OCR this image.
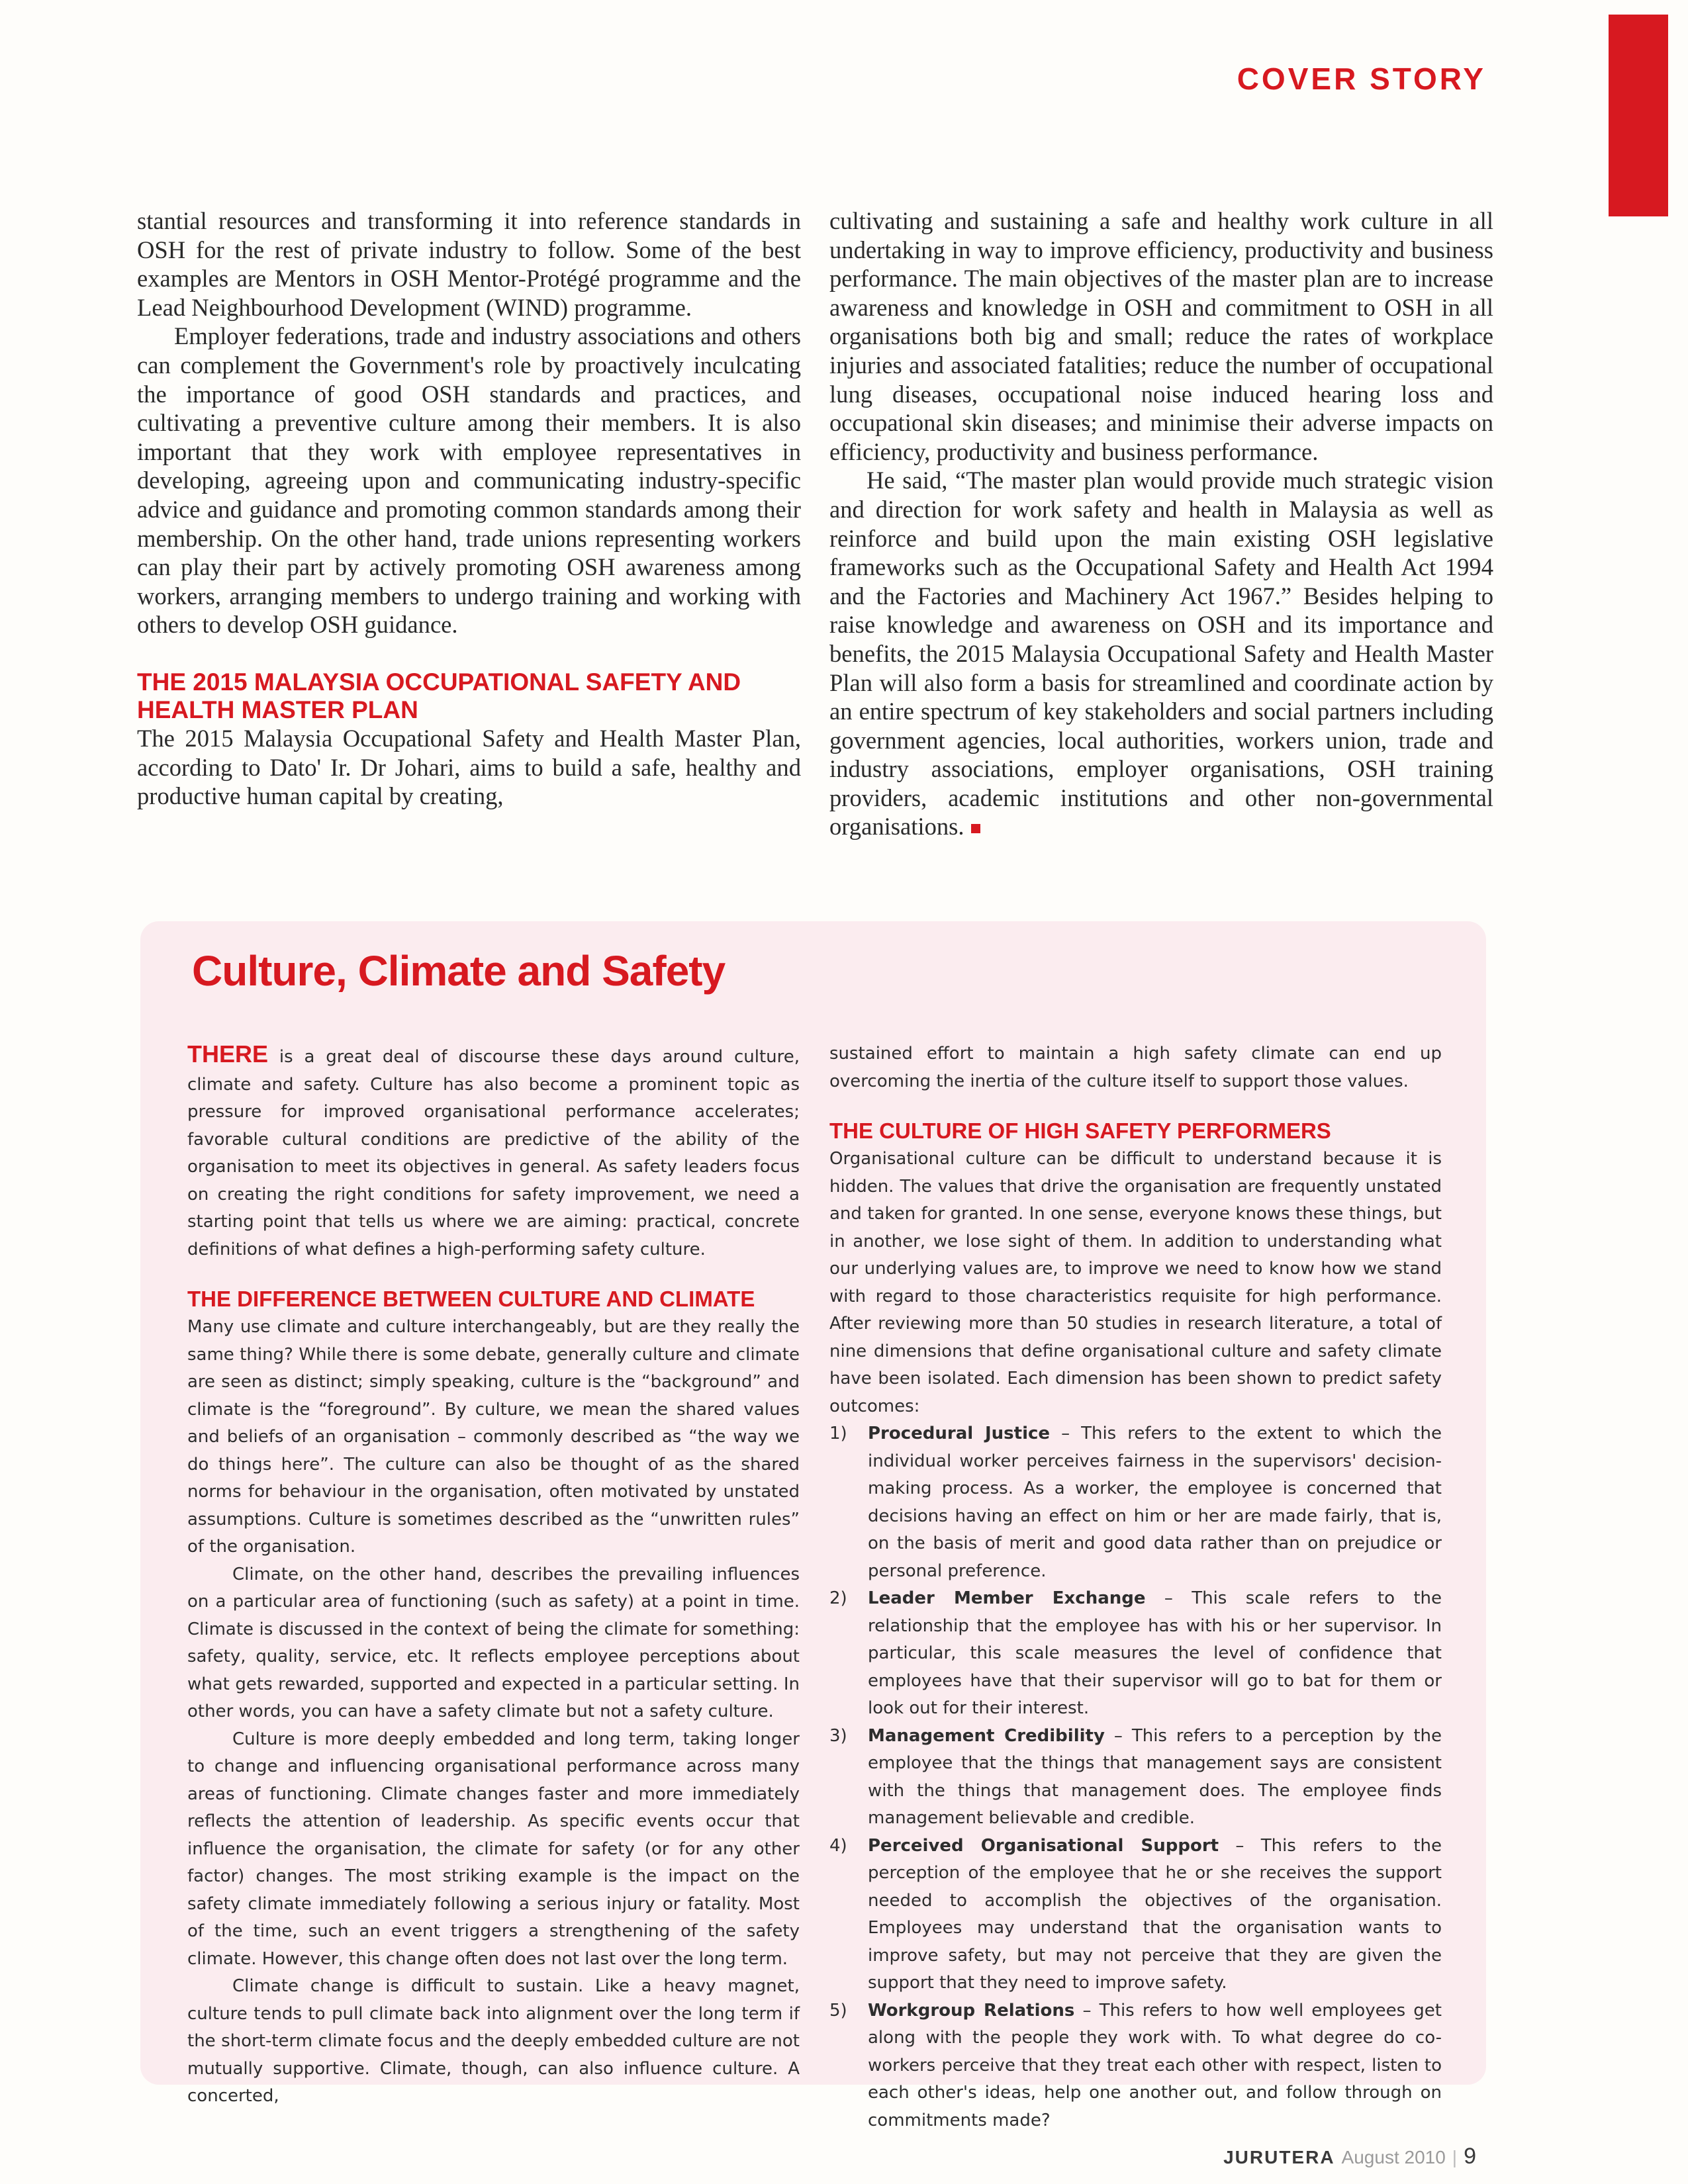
COVER STORY

stantial resources and transforming it into reference standards in OSH for the rest of private industry to follow. Some of the best examples are Mentors in OSH Mentor-Protégé programme and the Lead Neighbourhood Development (WIND) programme.

Employer federations, trade and industry associations and others can complement the Government's role by proactively inculcating the importance of good OSH standards and practices, and cultivating a preventive culture among their members. It is also important that they work with employee representatives in developing, agreeing upon and communicating industry-specific advice and guidance and promoting common standards among their membership. On the other hand, trade unions representing workers can play their part by actively promoting OSH awareness among workers, arranging members to undergo training and working with others to develop OSH guidance.

THE 2015 MALAYSIA OCCUPATIONAL SAFETY AND HEALTH MASTER PLAN

The 2015 Malaysia Occupational Safety and Health Master Plan, according to Dato' Ir. Dr Johari, aims to build a safe, healthy and productive human capital by creating,

cultivating and sustaining a safe and healthy work culture in all undertaking in way to improve efficiency, productivity and business performance. The main objectives of the master plan are to increase awareness and knowledge in OSH and commitment to OSH in all organisations both big and small; reduce the rates of workplace injuries and associated fatalities; reduce the number of occupational lung diseases, occupational noise induced hearing loss and occupational skin diseases; and minimise their adverse impacts on efficiency, productivity and business performance.

He said, “The master plan would provide much strategic vision and direction for work safety and health in Malaysia as well as reinforce and build upon the main existing OSH legislative frameworks such as the Occupational Safety and Health Act 1994 and the Factories and Machinery Act 1967.” Besides helping to raise knowledge and awareness on OSH and its importance and benefits, the 2015 Malaysia Occupational Safety and Health Master Plan will also form a basis for streamlined and coordinate action by an entire spectrum of key stakeholders and social partners including government agencies, local authorities, workers union, trade and industry associations, employer organisations, OSH training providers, academic institutions and other non-governmental organisations.

Culture, Climate and Safety

THERE is a great deal of discourse these days around culture, climate and safety. Culture has also become a prominent topic as pressure for improved organisational performance accelerates; favorable cultural conditions are predictive of the ability of the organisation to meet its objectives in general. As safety leaders focus on creating the right conditions for safety improvement, we need a starting point that tells us where we are aiming: practical, concrete definitions of what defines a high-performing safety culture.

THE DIFFERENCE BETWEEN CULTURE AND CLIMATE

Many use climate and culture interchangeably, but are they really the same thing? While there is some debate, generally culture and climate are seen as distinct; simply speaking, culture is the “background” and climate is the “foreground”. By culture, we mean the shared values and beliefs of an organisation – commonly described as “the way we do things here”. The culture can also be thought of as the shared norms for behaviour in the organisation, often motivated by unstated assumptions. Culture is sometimes described as the “unwritten rules” of the organisation.

Climate, on the other hand, describes the prevailing influences on a particular area of functioning (such as safety) at a point in time. Climate is discussed in the context of being the climate for something: safety, quality, service, etc. It reflects employee perceptions about what gets rewarded, supported and expected in a particular setting. In other words, you can have a safety climate but not a safety culture.

Culture is more deeply embedded and long term, taking longer to change and influencing organisational performance across many areas of functioning. Climate changes faster and more immediately reflects the attention of leadership. As specific events occur that influence the organisation, the climate for safety (or for any other factor) changes. The most striking example is the impact on the safety climate immediately following a serious injury or fatality. Most of the time, such an event triggers a strengthening of the safety climate. However, this change often does not last over the long term.

Climate change is difficult to sustain. Like a heavy magnet, culture tends to pull climate back into alignment over the long term if the short-term climate focus and the deeply embedded culture are not mutually supportive. Climate, though, can also influence culture. A concerted,

sustained effort to maintain a high safety climate can end up overcoming the inertia of the culture itself to support those values.

THE CULTURE OF HIGH SAFETY PERFORMERS

Organisational culture can be difficult to understand because it is hidden. The values that drive the organisation are frequently unstated and taken for granted. In one sense, everyone knows these things, but in another, we lose sight of them. In addition to understanding what our underlying values are, to improve we need to know how we stand with regard to those characteristics requisite for high performance. After reviewing more than 50 studies in research literature, a total of nine dimensions that define organisational culture and safety climate have been isolated. Each dimension has been shown to predict safety outcomes:

1)	Procedural Justice – This refers to the extent to which the individual worker perceives fairness in the supervisors' decision-making process. As a worker, the employee is concerned that decisions having an effect on him or her are made fairly, that is, on the basis of merit and good data rather than on prejudice or personal preference.
2)	Leader Member Exchange – This scale refers to the relationship that the employee has with his or her supervisor. In particular, this scale measures the level of confidence that employees have that their supervisor will go to bat for them or look out for their interest.
3)	Management Credibility – This refers to a perception by the employee that the things that management says are consistent with the things that management does. The employee finds management believable and credible.
4)	Perceived Organisational Support – This refers to the perception of the employee that he or she receives the support needed to accomplish the objectives of the organisation. Employees may understand that the organisation wants to improve safety, but may not perceive that they are given the support that they need to improve safety.
5)	Workgroup Relations – This refers to how well employees get along with the people they work with. To what degree do co-workers perceive that they treat each other with respect, listen to each other's ideas, help one another out, and follow through on commitments made?
JURUTERA August 2010 | 9
